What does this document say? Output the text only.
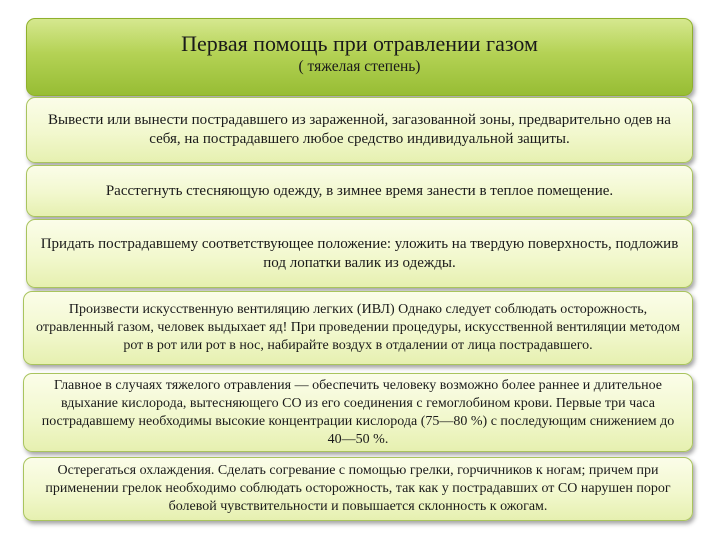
Первая помощь при отравлении газом
( тяжелая степень)
Вывести или вынести пострадавшего из зараженной, загазованной зоны, предварительно одев на себя, на пострадавшего любое средство индивидуальной защиты.
Расстегнуть стесняющую одежду, в зимнее время занести в теплое помещение.
Придать пострадавшему соответствующее положение: уложить на твердую поверхность, подложив под лопатки валик из одежды.
Произвести искусственную вентиляцию легких (ИВЛ) Однако следует соблюдать осторожность, отравленный газом, человек выдыхает яд! При проведении процедуры, искусственной вентиляции методом рот в рот или рот в нос, набирайте воздух в отдалении от лица пострадавшего.
Главное в случаях тяжелого отравления — обеспечить человеку возможно более раннее и длительное вдыхание кислорода, вытесняющего СО из его соединения с гемоглобином крови. Первые три часа пострадавшему необходимы высокие концентрации кислорода (75—80 %) с последующим снижением до 40—50 %.
Остерегаться охлаждения. Сделать согревание с помощью грелки, горчичников к ногам; причем при применении грелок необходимо соблюдать осторожность, так как у пострадавших от СО нарушен порог болевой чувствительности и повышается склонность к ожогам.
